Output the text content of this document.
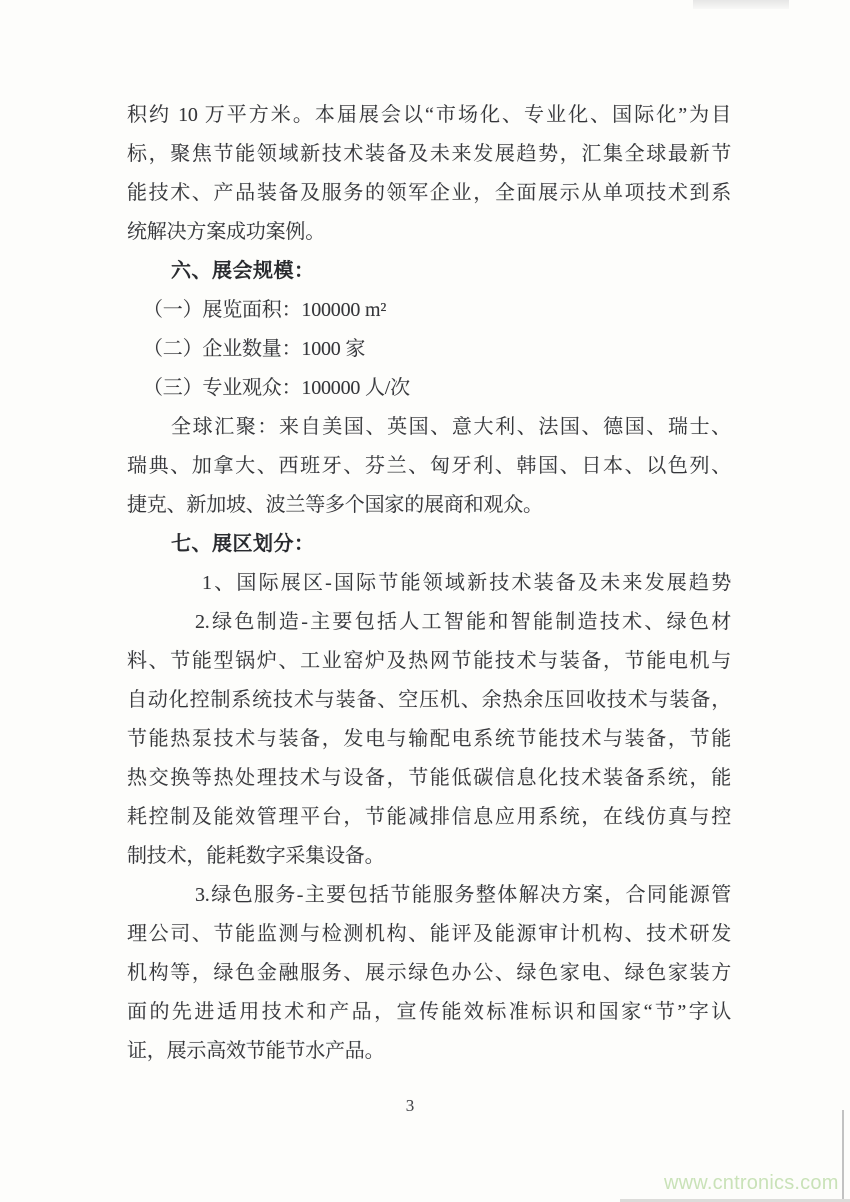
积约 10 万平方米。本届展会以“市场化、专业化、国际化”为目
标，聚焦节能领域新技术装备及未来发展趋势，汇集全球最新节
能技术、产品装备及服务的领军企业，全面展示从单项技术到系
统解决方案成功案例。
六、展会规模：
（一）展览面积：100000 m²
（二）企业数量：1000 家
（三）专业观众：100000 人/次
全球汇聚：来自美国、英国、意大利、法国、德国、瑞士、
瑞典、加拿大、西班牙、芬兰、匈牙利、韩国、日本、以色列、
捷克、新加坡、波兰等多个国家的展商和观众。
七、展区划分：
1、国际展区-国际节能领域新技术装备及未来发展趋势
2.绿色制造-主要包括人工智能和智能制造技术、绿色材
料、节能型锅炉、工业窑炉及热网节能技术与装备，节能电机与
自动化控制系统技术与装备、空压机、余热余压回收技术与装备，
节能热泵技术与装备，发电与输配电系统节能技术与装备，节能
热交换等热处理技术与设备，节能低碳信息化技术装备系统，能
耗控制及能效管理平台，节能减排信息应用系统，在线仿真与控
制技术，能耗数字采集设备。
3.绿色服务-主要包括节能服务整体解决方案，合同能源管
理公司、节能监测与检测机构、能评及能源审计机构、技术研发
机构等，绿色金融服务、展示绿色办公、绿色家电、绿色家装方
面的先进适用技术和产品，宣传能效标准标识和国家“节”字认
证，展示高效节能节水产品。
3
www.cntronics.com
